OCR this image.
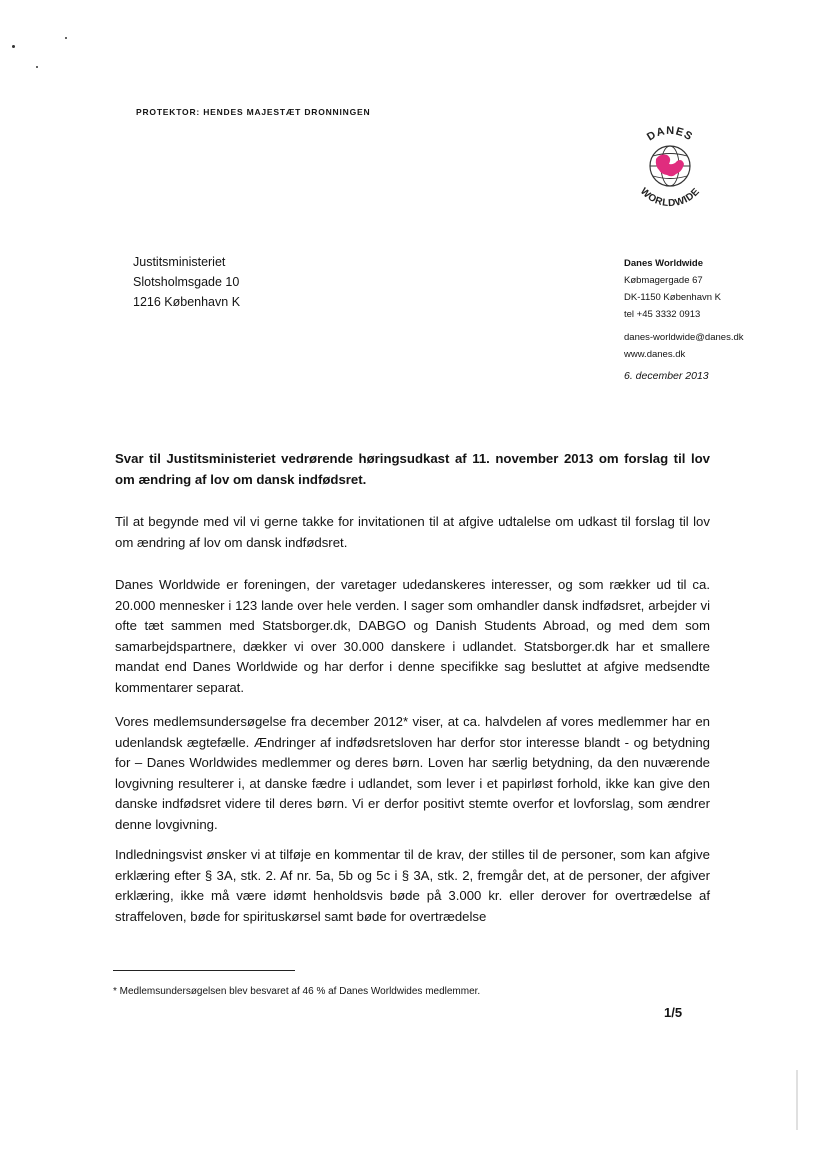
PROTEKTOR: HENDES MAJESTÆT DRONNINGEN
DANES
WORLDWIDE
Justitsministeriet
Slotsholmsgade 10
1216 København K
Danes Worldwide
Købmagergade 67
DK-1150 København K
tel +45 3332 0913
danes-worldwide@danes.dk
www.danes.dk
6. december 2013

Svar til Justitsministeriet vedrørende høringsudkast af 11. november 2013 om forslag til lov om ændring af lov om dansk indfødsret.

Til at begynde med vil vi gerne takke for invitationen til at afgive udtalelse om udkast til forslag til lov om ændring af lov om dansk indfødsret.

Danes Worldwide er foreningen, der varetager udedanskeres interesser, og som rækker ud til ca. 20.000 mennesker i 123 lande over hele verden. I sager som omhandler dansk indfødsret, arbejder vi ofte tæt sammen med Statsborger.dk, DABGO og Danish Students Abroad, og med dem som samarbejdspartnere, dækker vi over 30.000 danskere i udlandet. Statsborger.dk har et smallere mandat end Danes Worldwide og har derfor i denne specifikke sag besluttet at afgive medsendte kommentarer separat.

Vores medlemsundersøgelse fra december 2012* viser, at ca. halvdelen af vores medlemmer har en udenlandsk ægtefælle. Ændringer af indfødsretsloven har derfor stor interesse blandt - og betydning for – Danes Worldwides medlemmer og deres børn. Loven har særlig betydning, da den nuværende lovgivning resulterer i, at danske fædre i udlandet, som lever i et papirløst forhold, ikke kan give den danske indfødsret videre til deres børn. Vi er derfor positivt stemte overfor et lovforslag, som ændrer denne lovgivning.

Indledningsvist ønsker vi at tilføje en kommentar til de krav, der stilles til de personer, som kan afgive erklæring efter § 3A, stk. 2. Af nr. 5a, 5b og 5c i § 3A, stk. 2, fremgår det, at de personer, der afgiver erklæring, ikke må være idømt henholdsvis bøde på 3.000 kr. eller derover for overtrædelse af straffeloven, bøde for spirituskørsel samt bøde for overtrædelse

* Medlemsundersøgelsen blev besvaret af 46 % af Danes Worldwides medlemmer.
1/5
